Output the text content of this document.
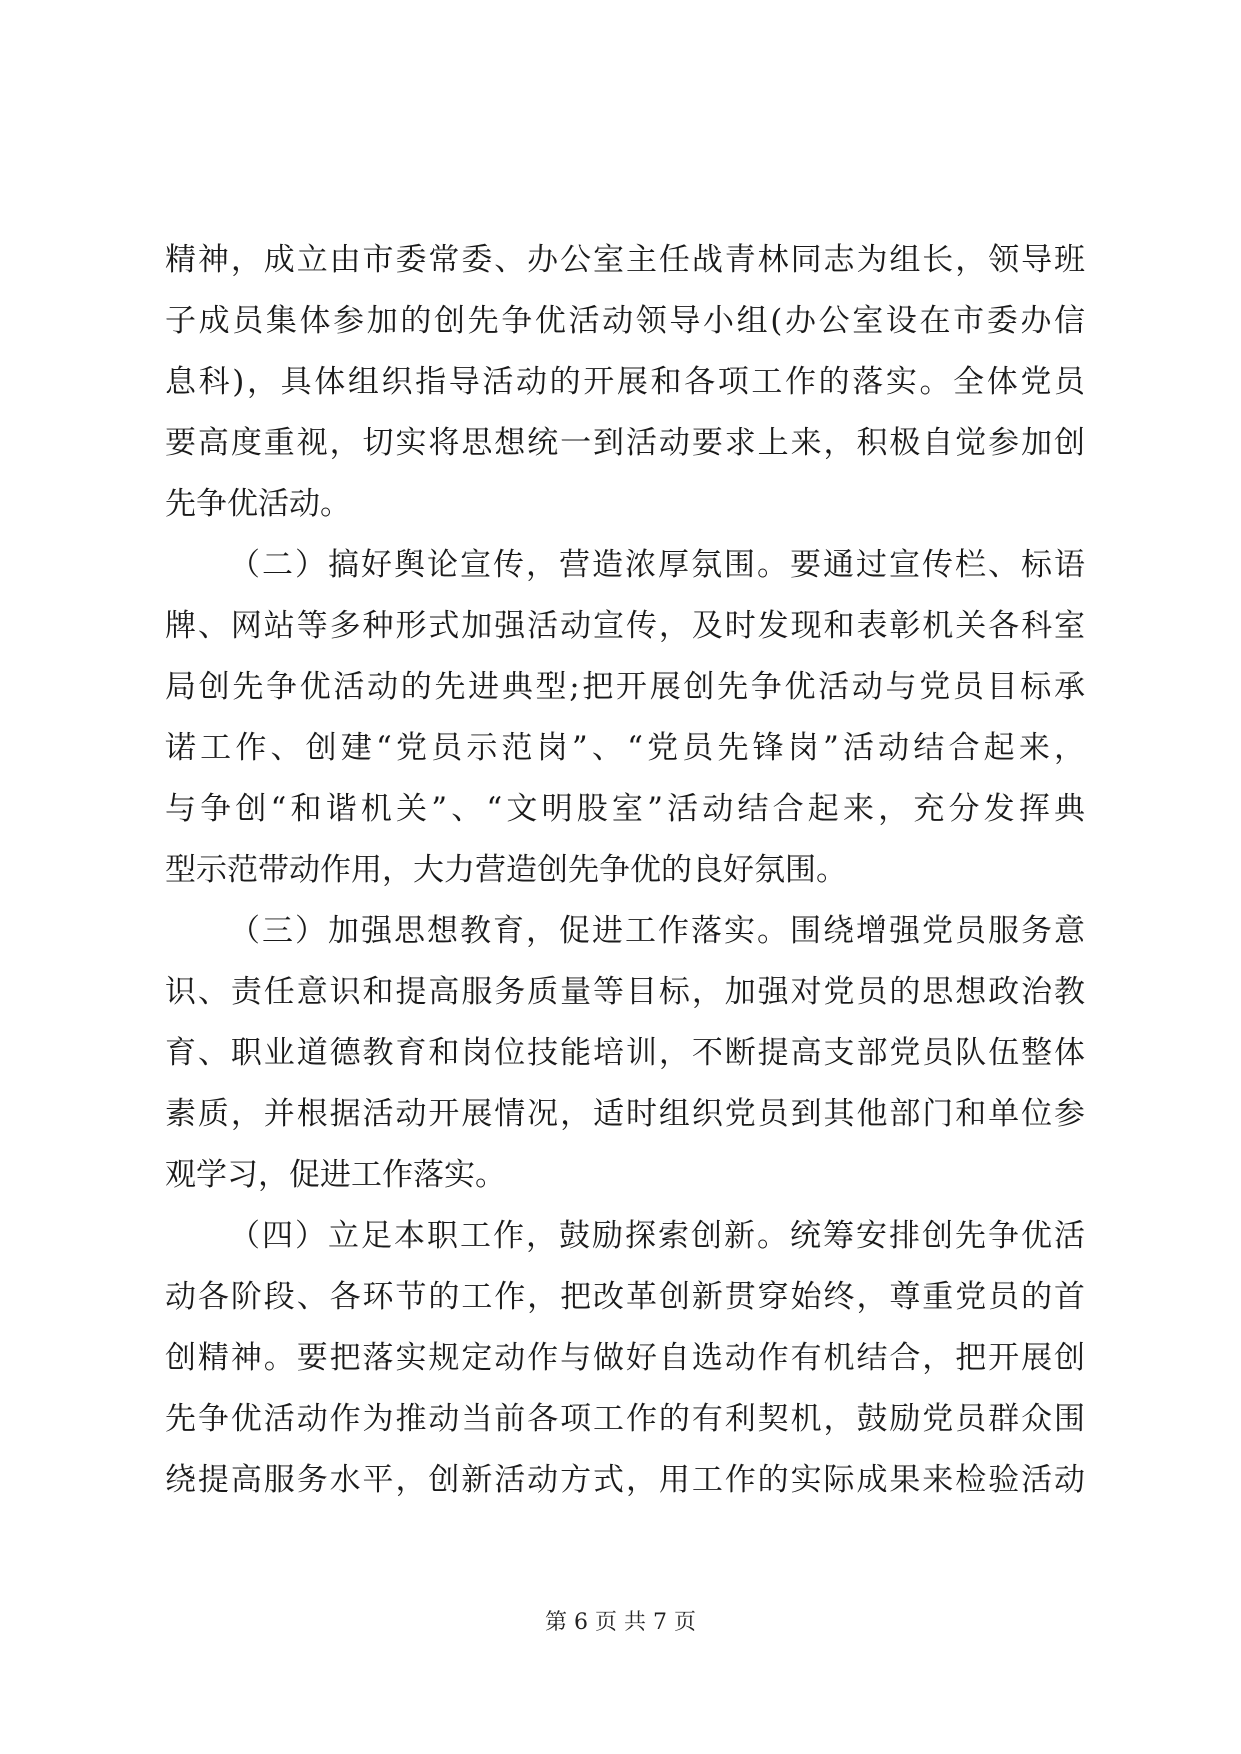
精神，成立由市委常委、办公室主任战青林同志为组长，领导班
子成员集体参加的创先争优活动领导小组(办公室设在市委办信
息科)，具体组织指导活动的开展和各项工作的落实。全体党员
要高度重视，切实将思想统一到活动要求上来，积极自觉参加创
先争优活动。
（二）搞好舆论宣传，营造浓厚氛围。要通过宣传栏、标语
牌、网站等多种形式加强活动宣传，及时发现和表彰机关各科室
局创先争优活动的先进典型;把开展创先争优活动与党员目标承
诺工作、创建“党员示范岗”、“党员先锋岗”活动结合起来，
与争创“和谐机关”、“文明股室”活动结合起来，充分发挥典
型示范带动作用，大力营造创先争优的良好氛围。
（三）加强思想教育，促进工作落实。围绕增强党员服务意
识、责任意识和提高服务质量等目标，加强对党员的思想政治教
育、职业道德教育和岗位技能培训，不断提高支部党员队伍整体
素质，并根据活动开展情况，适时组织党员到其他部门和单位参
观学习，促进工作落实。
（四）立足本职工作，鼓励探索创新。统筹安排创先争优活
动各阶段、各环节的工作，把改革创新贯穿始终，尊重党员的首
创精神。要把落实规定动作与做好自选动作有机结合，把开展创
先争优活动作为推动当前各项工作的有利契机，鼓励党员群众围
绕提高服务水平，创新活动方式，用工作的实际成果来检验活动
第 6 页 共 7 页
